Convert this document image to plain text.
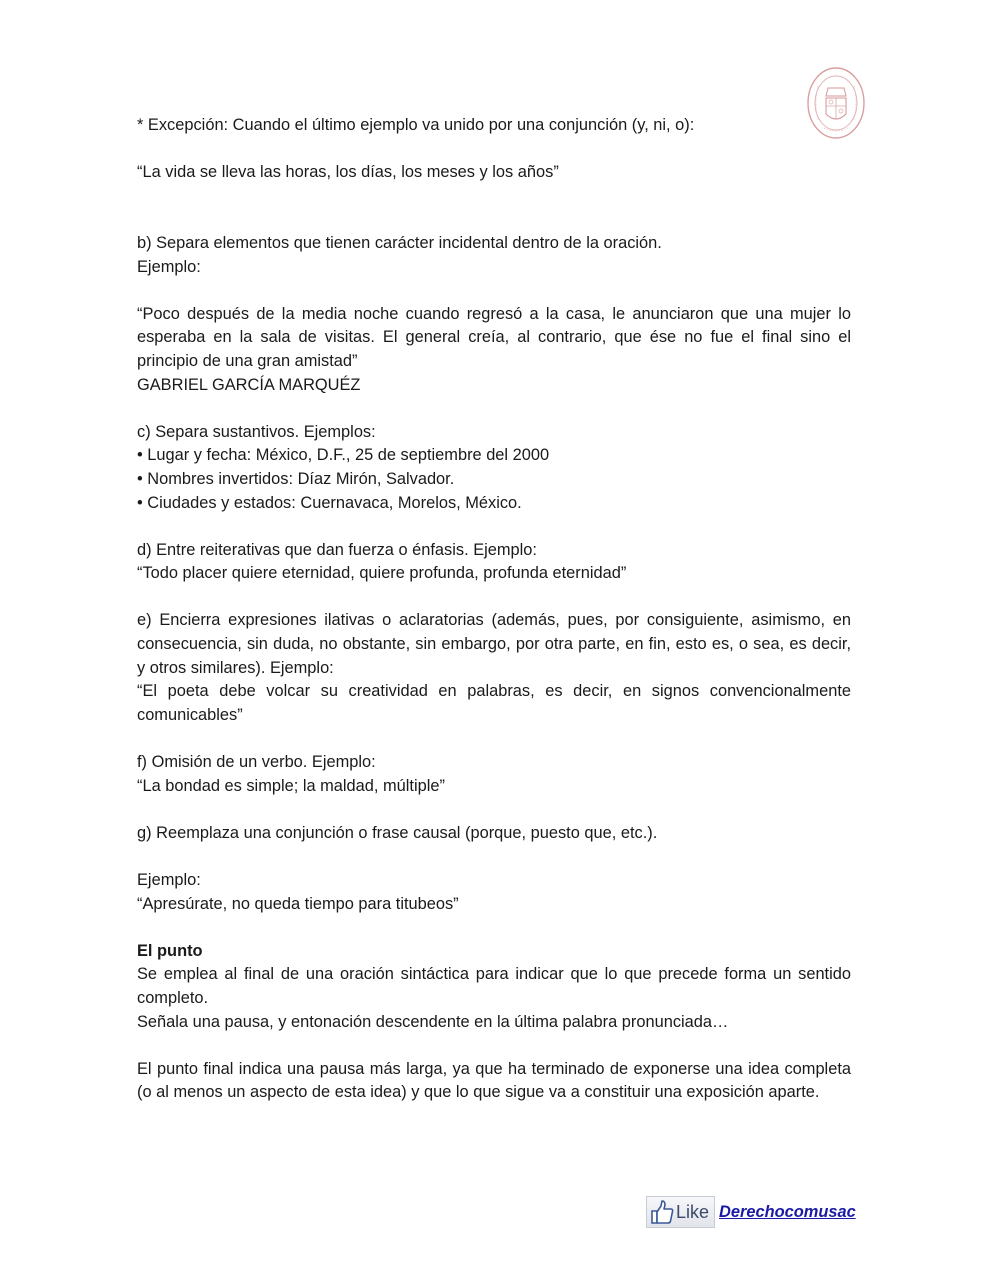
* Excepción: Cuando el último ejemplo va unido por una conjunción (y, ni, o):

“La vida se lleva las horas, los días, los meses y los años”

b) Separa elementos que tienen carácter incidental dentro de la oración.

Ejemplo:

“Poco después de la media noche cuando regresó a la casa, le anunciaron que una mujer lo esperaba en la sala de visitas. El general creía, al contrario, que ése no fue el final sino el principio de una gran amistad”

GABRIEL GARCÍA MARQUÉZ

c) Separa sustantivos. Ejemplos:

• Lugar y fecha: México, D.F., 25 de septiembre del 2000

• Nombres invertidos: Díaz Mirón, Salvador.

• Ciudades y estados: Cuernavaca, Morelos, México.

d) Entre reiterativas que dan fuerza o énfasis. Ejemplo:

“Todo placer quiere eternidad, quiere profunda, profunda eternidad”

e) Encierra expresiones ilativas o aclaratorias (además, pues, por consiguiente, asimismo, en consecuencia, sin duda, no obstante, sin embargo, por otra parte, en fin, esto es, o sea, es decir, y otros similares). Ejemplo:

“El poeta debe volcar su creatividad en palabras, es decir, en signos convencionalmente comunicables”

f) Omisión de un verbo. Ejemplo:

“La bondad es simple; la maldad, múltiple”

g) Reemplaza una conjunción o frase causal (porque, puesto que, etc.).

Ejemplo:

“Apresúrate, no queda tiempo para titubeos”

El punto

Se emplea al final de una oración sintáctica para indicar que lo que precede forma un sentido completo.

Señala una pausa, y entonación descendente en la última palabra pronunciada…

El punto final indica una pausa más larga, ya que ha terminado de exponerse una idea completa (o al menos un aspecto de esta idea) y que lo que sigue va a constituir una exposición aparte.

Like Derechocomusac
